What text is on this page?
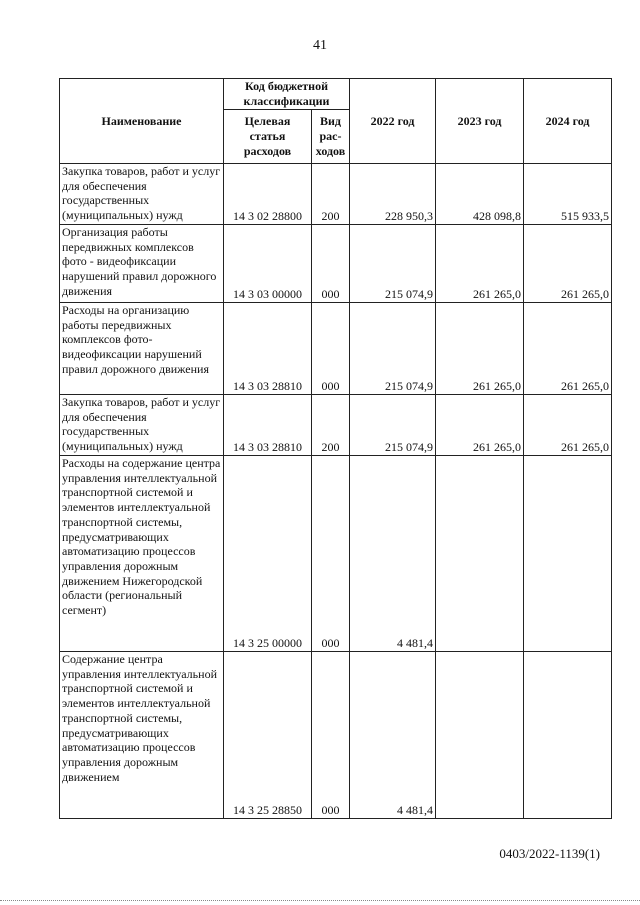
41
Наименование	Код бюджетной классификации		2022 год	2023 год	2024 год
	Целевая статья расходов	Вид рас-ходов			
Закупка товаров, работ и услуг для обеспечения государственных (муниципальных) нужд	14 3 02 28800	200	228 950,3	428 098,8	515 933,5
Организация работы передвижных комплексов фото - видеофиксации нарушений правил дорожного движения	14 3 03 00000	000	215 074,9	261 265,0	261 265,0
Расходы на организацию работы передвижных комплексов фото-видеофиксации нарушений правил дорожного движения	14 3 03 28810	000	215 074,9	261 265,0	261 265,0
Закупка товаров, работ и услуг для обеспечения государственных (муниципальных) нужд	14 3 03 28810	200	215 074,9	261 265,0	261 265,0
Расходы на содержание центра управления интеллектуальной транспортной системой и элементов интеллектуальной транспортной системы, предусматривающих автоматизацию процессов управления дорожным движением Нижегородской области (региональный сегмент)	14 3 25 00000	000	4 481,4		
Содержание центра управления интеллектуальной транспортной системой и элементов интеллектуальной транспортной системы, предусматривающих автоматизацию процессов управления дорожным движением	14 3 25 28850	000	4 481,4		
0403/2022-1139(1)
